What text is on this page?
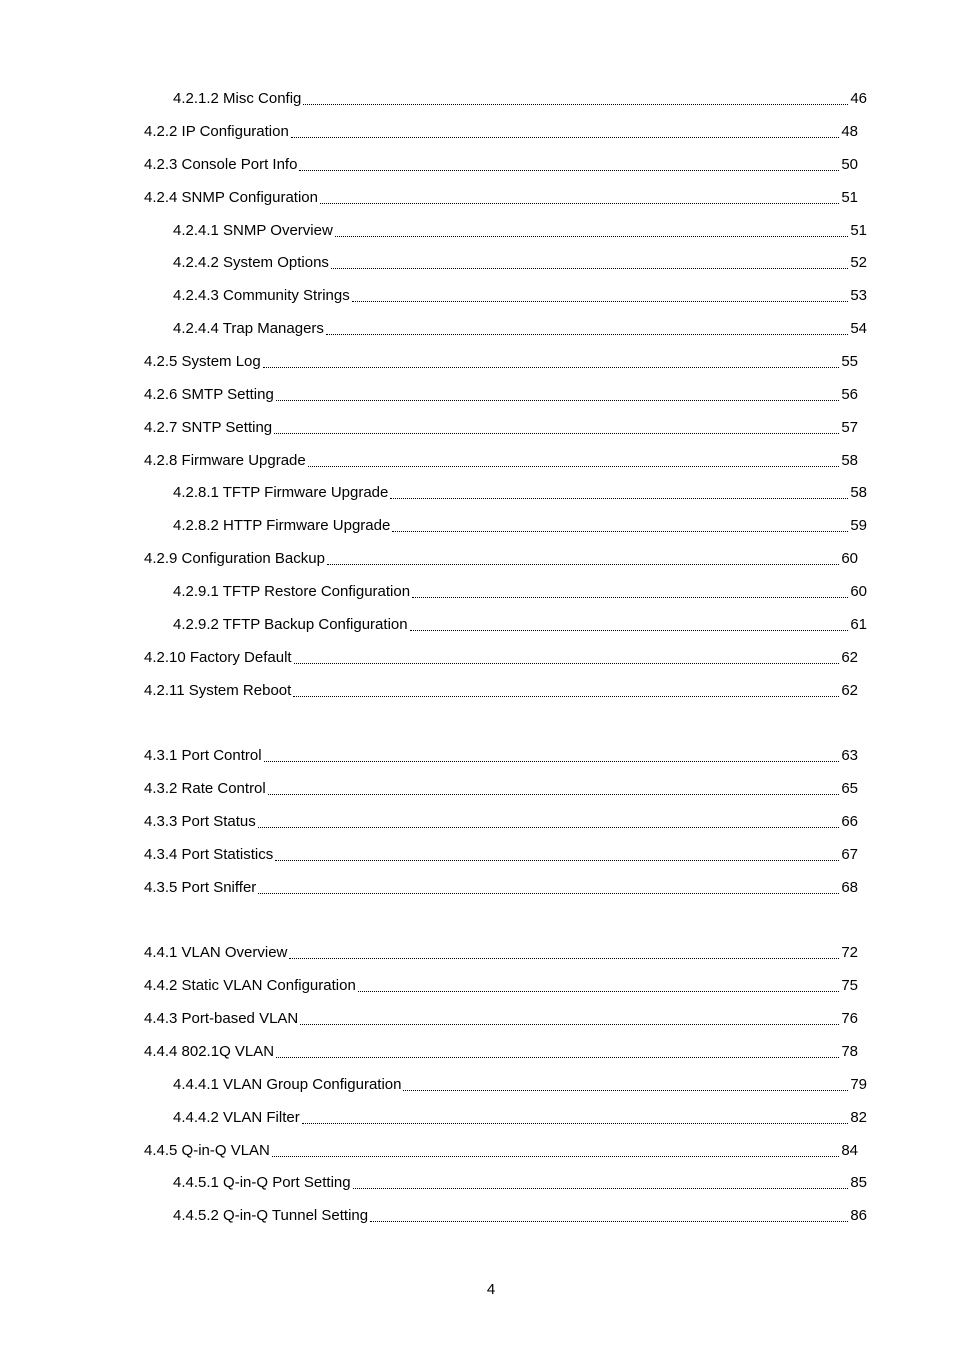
4.2.1.2 Misc Config	46
4.2.2 IP Configuration	48
4.2.3 Console Port Info	50
4.2.4 SNMP Configuration	51
4.2.4.1 SNMP Overview	51
4.2.4.2 System Options	52
4.2.4.3 Community Strings	53
4.2.4.4 Trap Managers	54
4.2.5 System Log	55
4.2.6 SMTP Setting	56
4.2.7 SNTP Setting	57
4.2.8 Firmware Upgrade	58
4.2.8.1 TFTP Firmware Upgrade	58
4.2.8.2 HTTP Firmware Upgrade	59
4.2.9 Configuration Backup	60
4.2.9.1 TFTP Restore Configuration	60
4.2.9.2 TFTP Backup Configuration	61
4.2.10 Factory Default	62
4.2.11 System Reboot	62
4.3.1 Port Control	63
4.3.2 Rate Control	65
4.3.3 Port Status	66
4.3.4 Port Statistics	67
4.3.5 Port Sniffer	68
4.4.1 VLAN Overview	72
4.4.2 Static VLAN Configuration	75
4.4.3 Port-based VLAN	76
4.4.4 802.1Q VLAN	78
4.4.4.1 VLAN Group Configuration	79
4.4.4.2 VLAN Filter	82
4.4.5 Q-in-Q VLAN	84
4.4.5.1 Q-in-Q Port Setting	85
4.4.5.2 Q-in-Q Tunnel Setting	86
4
